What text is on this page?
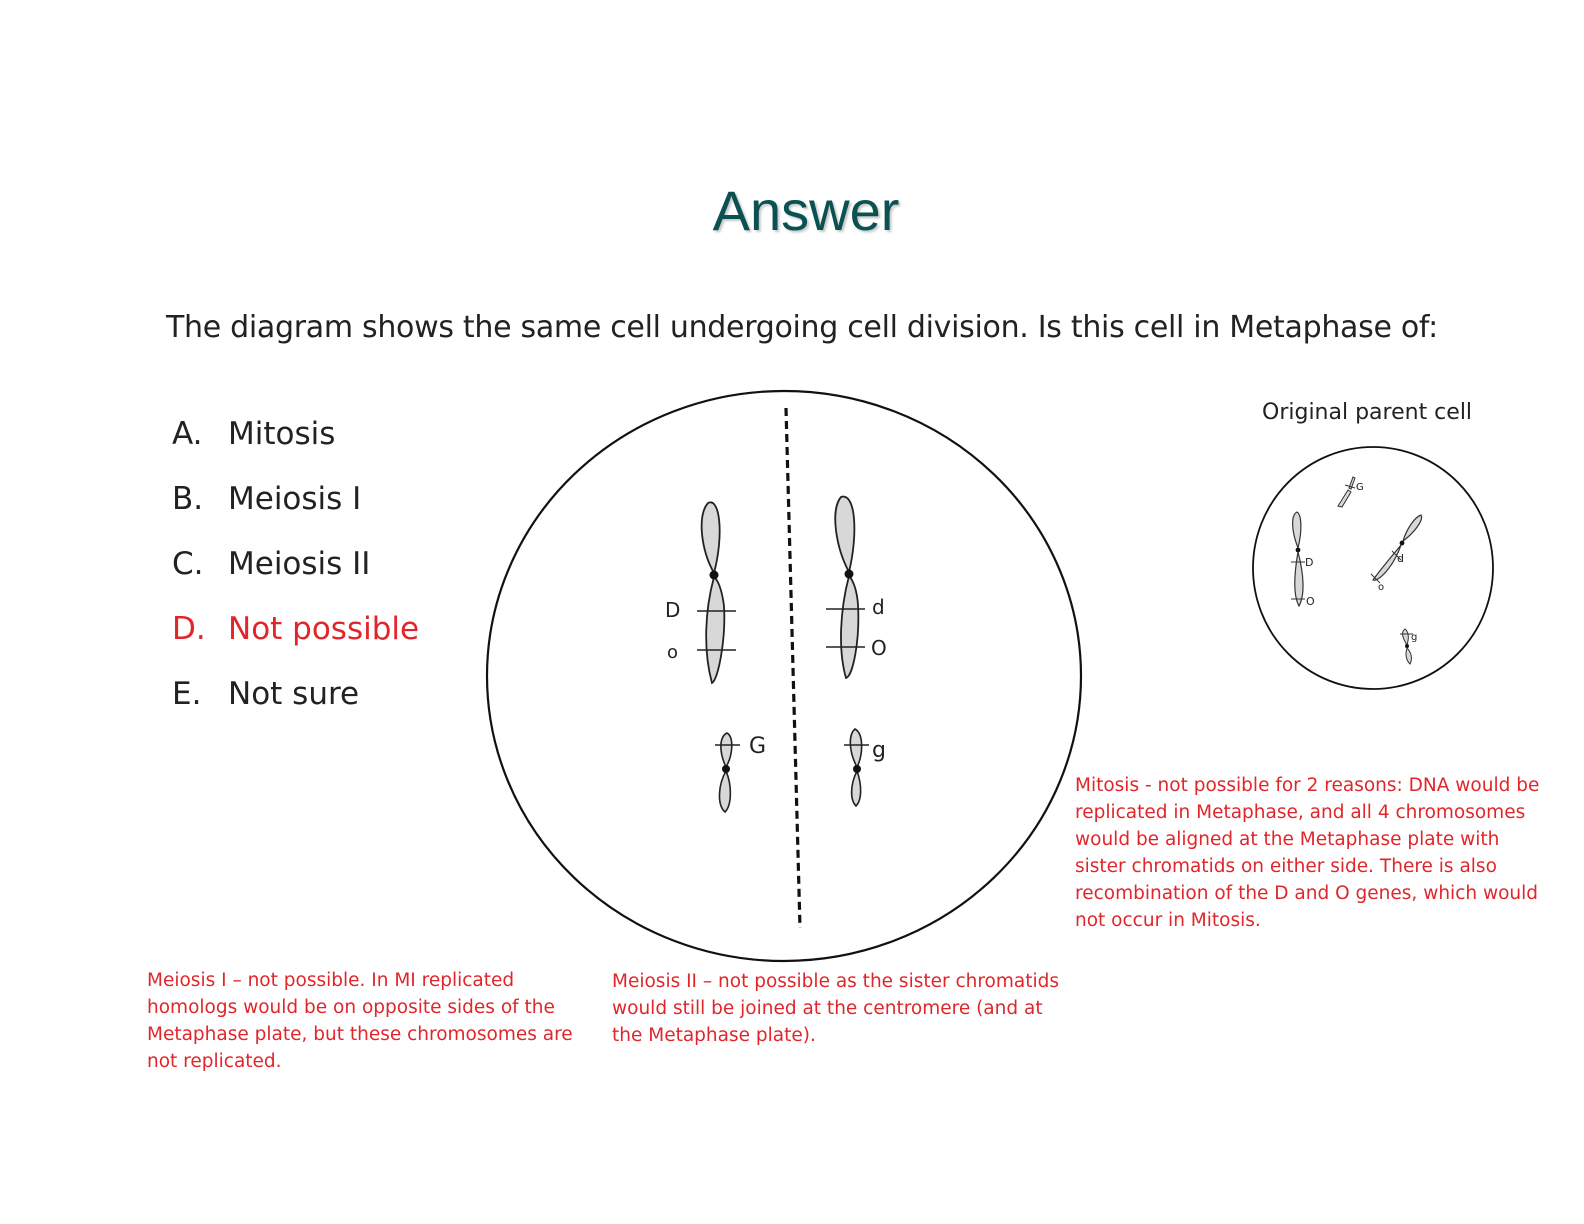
Answer
The diagram shows the same cell undergoing cell division. Is this cell in Metaphase of:
A. Mitosis
B. Meiosis I
C. Meiosis II
D. Not possible
E. Not sure
D
o
d
O
G	g
G
D
O
d
o
g
Original parent cell
Mitosis - not possible for 2 reasons: DNA would be replicated in Metaphase, and all 4 chromosomes would be aligned at the Metaphase plate with sister chromatids on either side. There is also recombination of the D and O genes, which would not occur in Mitosis.
Meiosis I – not possible. In MI replicated homologs would be on opposite sides of the Metaphase plate, but these chromosomes are not replicated.
Meiosis II – not possible as the sister chromatids would still be joined at the centromere (and at the Metaphase plate).
